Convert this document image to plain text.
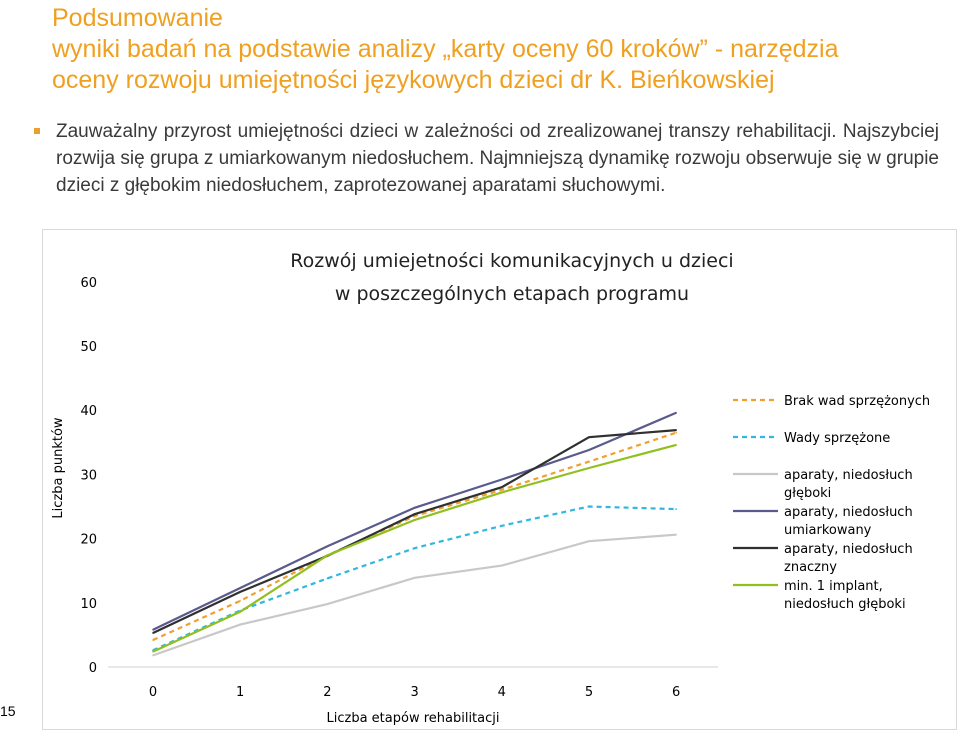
Podsumowanie
wyniki badań na podstawie analizy „karty oceny 60 kroków” - narzędzia
oceny rozwoju umiejętności językowych dzieci dr K. Bieńkowskiej
Zauważalny przyrost umiejętności dzieci w zależności od zrealizowanej transzy rehabilitacji. Najszybciej rozwija się grupa z umiarkowanym niedosłuchem. Najmniejszą dynamikę rozwoju obserwuje się w grupie dzieci z głębokim niedosłuchem, zaprotezowanej aparatami słuchowymi.
0
10
20
30
40
50
60
0	1	2	3	4	5	6
Rozwój umiejetności komunikacyjnych u dzieci
w poszczególnych etapach programu
Liczba etapów rehabilitacji
Liczba punktów
Brak wad sprzężonych
Wady sprzężone
aparaty, niedosłuch głęboki
aparaty, niedosłuch umiarkowany
aparaty, niedosłuch znaczny
min. 1 implant, niedosłuch głęboki
15
